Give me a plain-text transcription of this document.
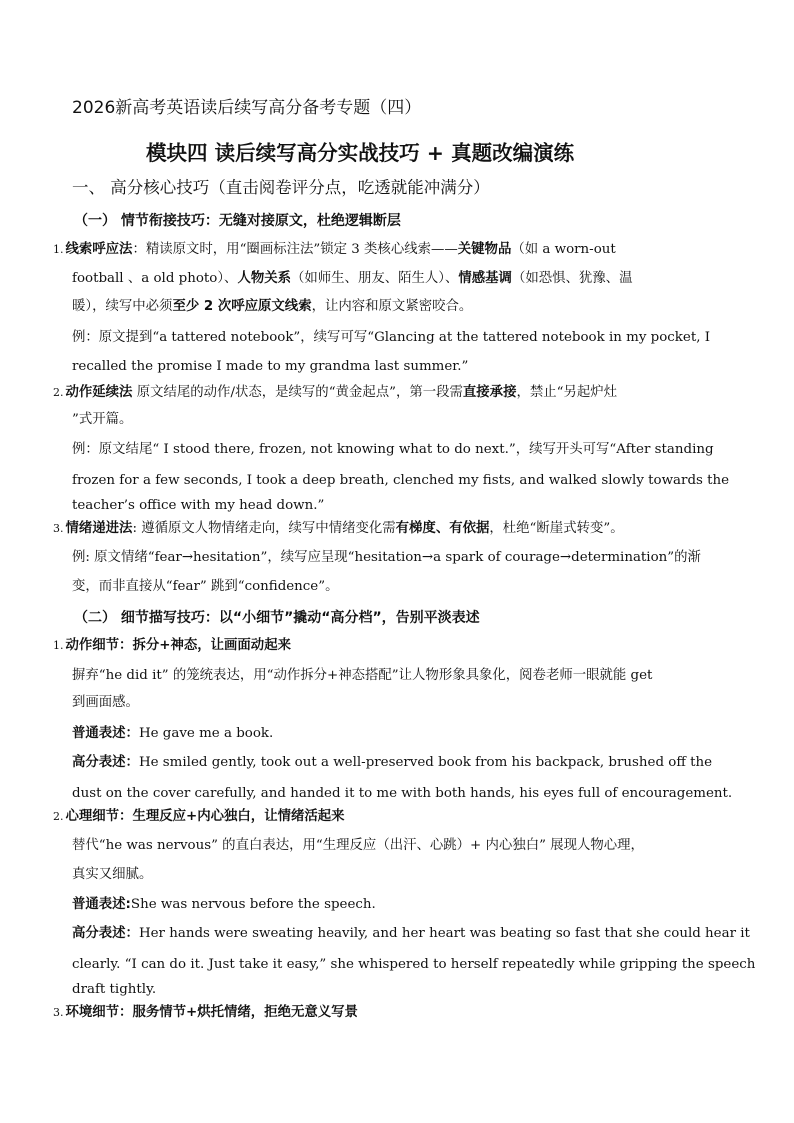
2026新高考英语读后续写高分备考专题（四）
模块四 读后续写高分实战技巧 + 真题改编演练
一、 高分核心技巧（直击阅卷评分点，吃透就能冲满分）
（一） 情节衔接技巧：无缝对接原文，杜绝逻辑断层
1. 线索呼应法：精读原文时，用“圈画标注法”锁定 3 类核心线索——关键物品（如 a worn-out
football 、a old photo）、人物关系（如师生、朋友、陌生人）、情感基调（如恐惧、犹豫、温
暖），续写中必须至少 2 次呼应原文线索，让内容和原文紧密咬合。
例：原文提到“a tattered notebook”，续写可写“Glancing at the tattered notebook in my pocket, I
recalled the promise I made to my grandma last summer.”
2. 动作延续法 原文结尾的动作/状态，是续写的“黄金起点”，第一段需直接承接，禁止“另起炉灶
”式开篇。
例：原文结尾“ I stood there, frozen, not knowing what to do next.”，续写开头可写“After standing
frozen for a few seconds, I took a deep breath, clenched my fists, and walked slowly towards the
teacher’s office with my head down.”
3. 情绪递进法: 遵循原文人物情绪走向，续写中情绪变化需有梯度、有依据，杜绝“断崖式转变”。
例: 原文情绪“fear→hesitation”，续写应呈现“hesitation→a spark of courage→determination”的渐
变，而非直接从“fear” 跳到“confidence”。
（二） 细节描写技巧：以“小细节”撬动“高分档”，告别平淡表述
1. 动作细节：拆分+神态，让画面动起来
摒弃“he did it” 的笼统表达，用“动作拆分+神态搭配”让人物形象具象化，阅卷老师一眼就能 get
到画面感。
普通表述：He gave me a book.
高分表述：He smiled gently, took out a well-preserved book from his backpack, brushed off the
dust on the cover carefully, and handed it to me with both hands, his eyes full of encouragement.
2. 心理细节：生理反应+内心独白，让情绪活起来
替代“he was nervous” 的直白表达，用“生理反应（出汗、心跳）+ 内心独白” 展现人物心理，
真实又细腻。
普通表述:She was nervous before the speech.
高分表述：Her hands were sweating heavily, and her heart was beating so fast that she could hear it
clearly. “I can do it. Just take it easy,” she whispered to herself repeatedly while gripping the speech
draft tightly.
3. 环境细节：服务情节+烘托情绪，拒绝无意义写景
